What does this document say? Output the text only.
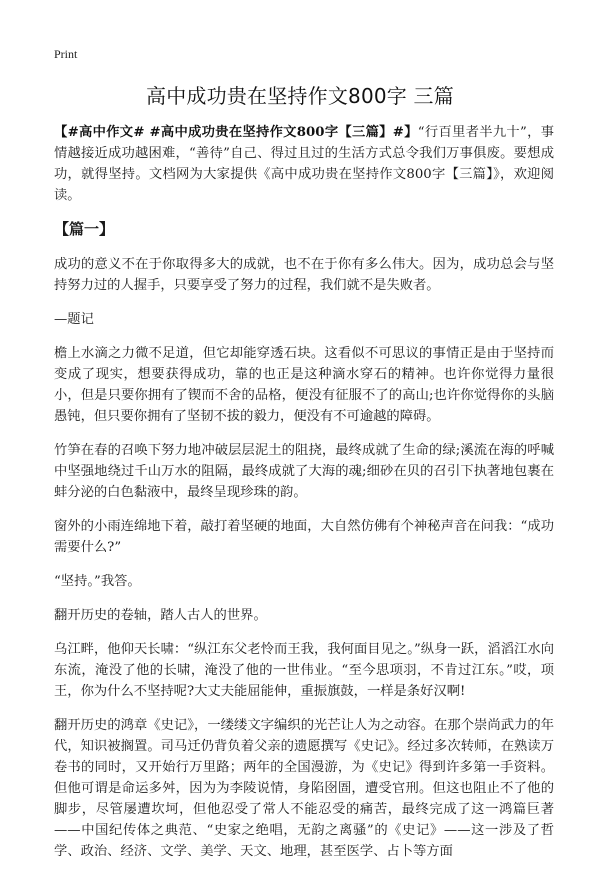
Print
高中成功贵在坚持作文800字 三篇

【#高中作文# #高中成功贵在坚持作文800字【三篇】#】“行百里者半九十”，事情越接近成功越困难，“善待”自己、得过且过的生活方式总令我们万事俱废。要想成功，就得坚持。文档网为大家提供《高中成功贵在坚持作文800字【三篇】》，欢迎阅读。

【篇一】

成功的意义不在于你取得多大的成就，也不在于你有多么伟大。因为，成功总会与坚持努力过的人握手，只要享受了努力的过程，我们就不是失败者。

—题记

檐上水滴之力微不足道，但它却能穿透石块。这看似不可思议的事情正是由于坚持而变成了现实，想要获得成功，靠的也正是这种滴水穿石的精神。也许你觉得力量很小，但是只要你拥有了锲而不舍的品格，便没有征服不了的高山;也许你觉得你的头脑愚钝，但只要你拥有了坚韧不拔的毅力，便没有不可逾越的障碍。

竹笋在春的召唤下努力地冲破层层泥土的阻挠，最终成就了生命的绿;溪流在海的呼喊中坚强地绕过千山万水的阻隔，最终成就了大海的魂;细砂在贝的召引下执著地包裹在蚌分泌的白色黏液中，最终呈现珍珠的韵。

窗外的小雨连绵地下着，敲打着坚硬的地面，大自然仿佛有个神秘声音在问我：“成功需要什么?”

“坚持。”我答。

翻开历史的卷轴，踏人古人的世界。

乌江畔，他仰天长啸：“纵江东父老怜而王我，我何面目见之。”纵身一跃，滔滔江水向东流，淹没了他的长啸，淹没了他的一世伟业。“至今思项羽，不肯过江东。”哎，项王，你为什么不坚持呢?大丈夫能屈能伸，重振旗鼓，一样是条好汉啊!

翻开历史的鸿章《史记》，一缕缕文字编织的光芒让人为之动容。在那个崇尚武力的年代，知识被搁置。司马迁仍背负着父亲的遗愿撰写《史记》。经过多次转师，在熟读万卷书的同时，又开始行万里路；两年的全国漫游，为《史记》得到许多第一手资料。但他可谓是命运多舛，因为为李陵说情，身陷囹圄，遭受官刑。但这也阻止不了他的脚步，尽管屡遭坎坷，但他忍受了常人不能忍受的痛苦，最终完成了这一鸿篇巨著——中国纪传体之典范、“史家之绝唱，无韵之离骚”的《史记》——这一涉及了哲学、政治、经济、文学、美学、天文、地理，甚至医学、占卜等方面
